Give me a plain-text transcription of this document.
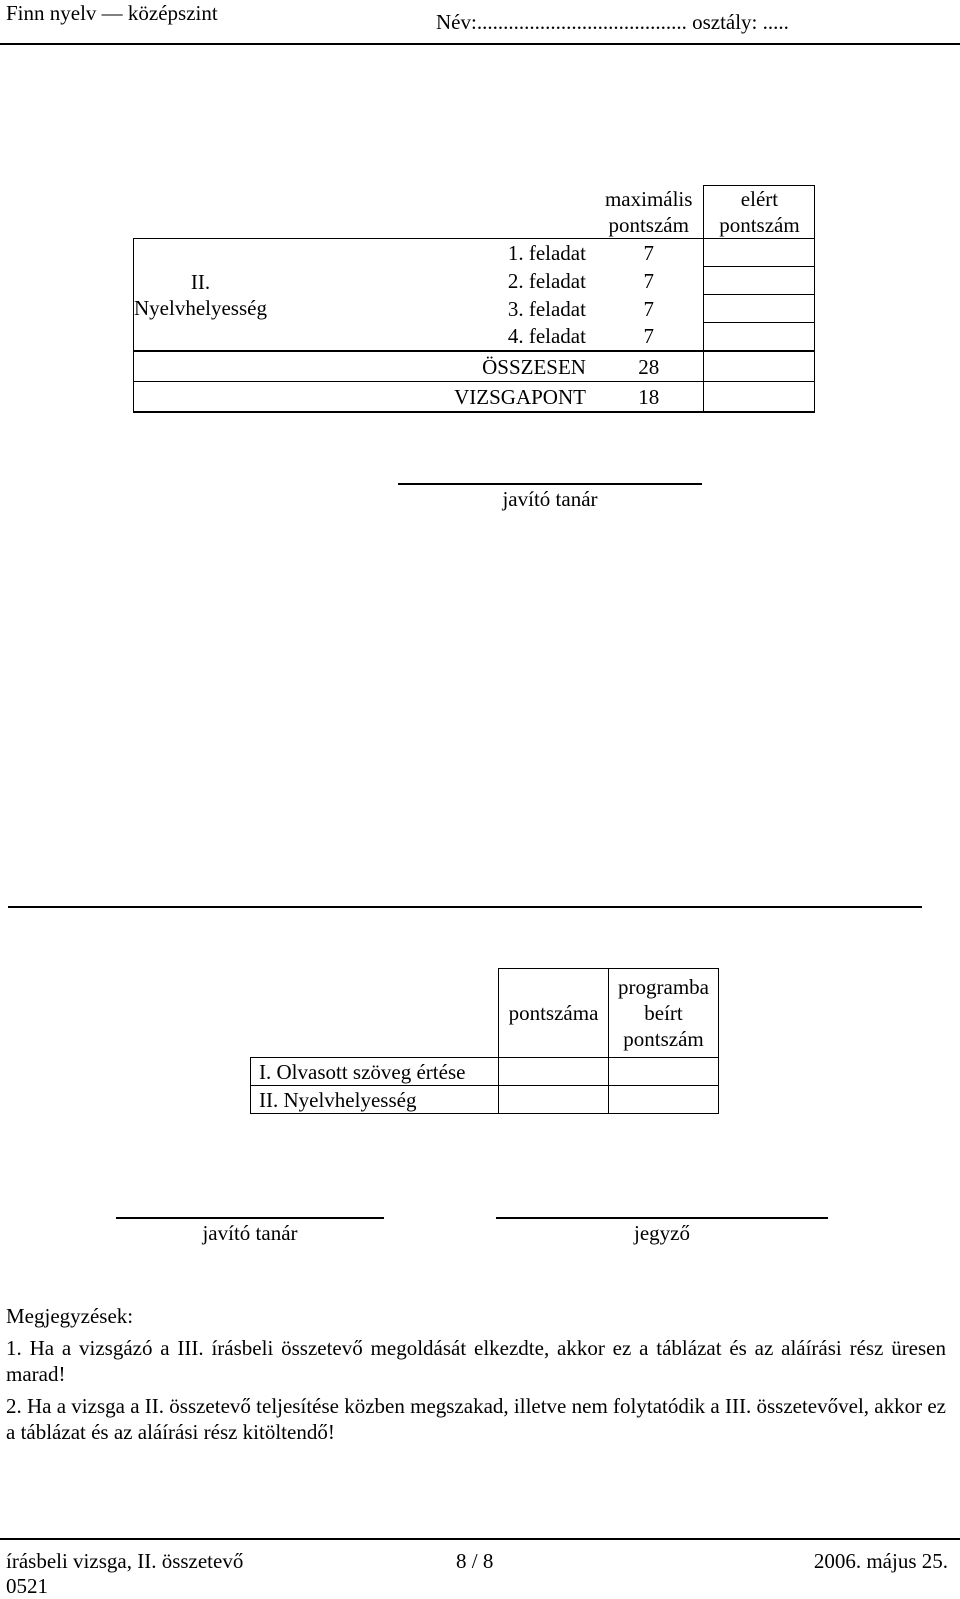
Finn nyelv — középszint	Név:........................................ osztály: .....
		maximális pontszám	elért pontszám
II. Nyelvhelyesség	1. feladat	7	
	2. feladat	7	
	3. feladat	7	
	4. feladat	7	
ÖSSZESEN		28	
VIZSGAPONT		18	
javító tanár
	pontszáma	programba beírt pontszám
I. Olvasott szöveg értése		
II. Nyelvhelyesség		
javító tanár	jegyző

Megjegyzések:

1. Ha a vizsgázó a III. írásbeli összetevő megoldását elkezdte, akkor ez a táblázat és az aláírási rész üresen marad!

2. Ha a vizsga a II. összetevő teljesítése közben megszakad, illetve nem folytatódik a III. összetevővel, akkor ez a táblázat és az aláírási rész kitöltendő!

írásbeli vizsga, II. összetevő	8 / 8	2006. május 25.
0521
